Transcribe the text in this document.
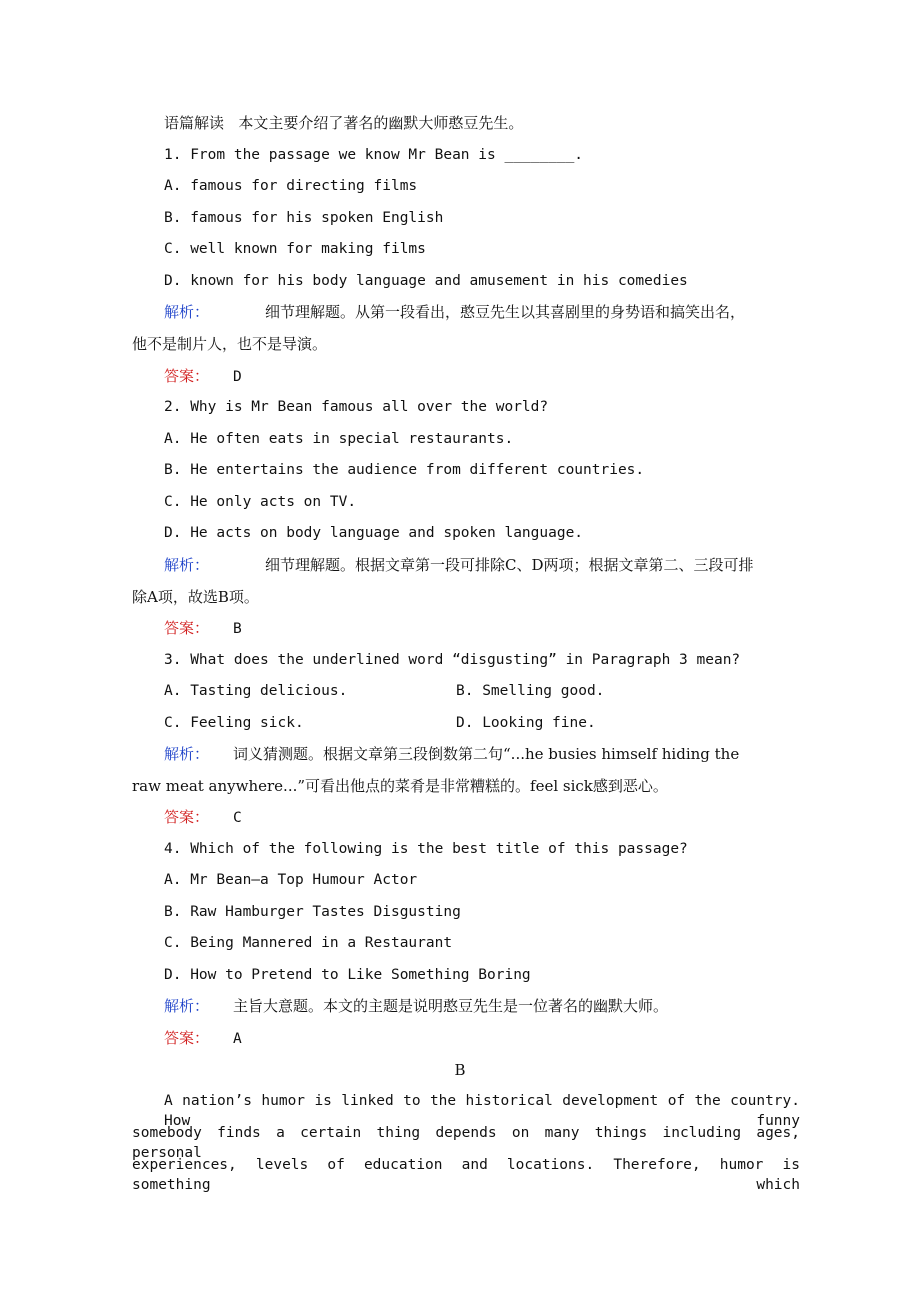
语篇解读 本文主要介绍了著名的幽默大师憨豆先生。
1. From the passage we know Mr Bean is ________.
A. famous for directing films
B. famous for his spoken English
C. well known for making films
D. known for his body language and amusement in his comedies
解析：	细节理解题。从第一段看出，憨豆先生以其喜剧里的身势语和搞笑出名，
他不是制片人，也不是导演。
答案： D
2. Why is Mr Bean famous all over the world?
A. He often eats in special restaurants.
B. He entertains the audience from different countries.
C. He only acts on TV.
D. He acts on body language and spoken language.
解析：	细节理解题。根据文章第一段可排除C、D两项；根据文章第二、三段可排
除A项，故选B项。
答案： B
3. What does the underlined word “disgusting” in Paragraph 3 mean?
A. Tasting delicious.	B. Smelling good.
C. Feeling sick.	D. Looking fine.
解析： 词义猜测题。根据文章第三段倒数第二句“...he busies himself hiding the
raw meat anywhere...”可看出他点的菜肴是非常糟糕的。feel sick感到恶心。
答案： C
4. Which of the following is the best title of this passage?
A. Mr Bean—a Top Humour Actor
B. Raw Hamburger Tastes Disgusting
C. Being Mannered in a Restaurant
D. How to Pretend to Like Something Boring
解析： 主旨大意题。本文的主题是说明憨豆先生是一位著名的幽默大师。
答案： A
B
A nation’s humor is linked to the historical development of the country. How funny
somebody finds a certain thing depends on many things including ages, personal
experiences, levels of education and locations. Therefore, humor is something which
